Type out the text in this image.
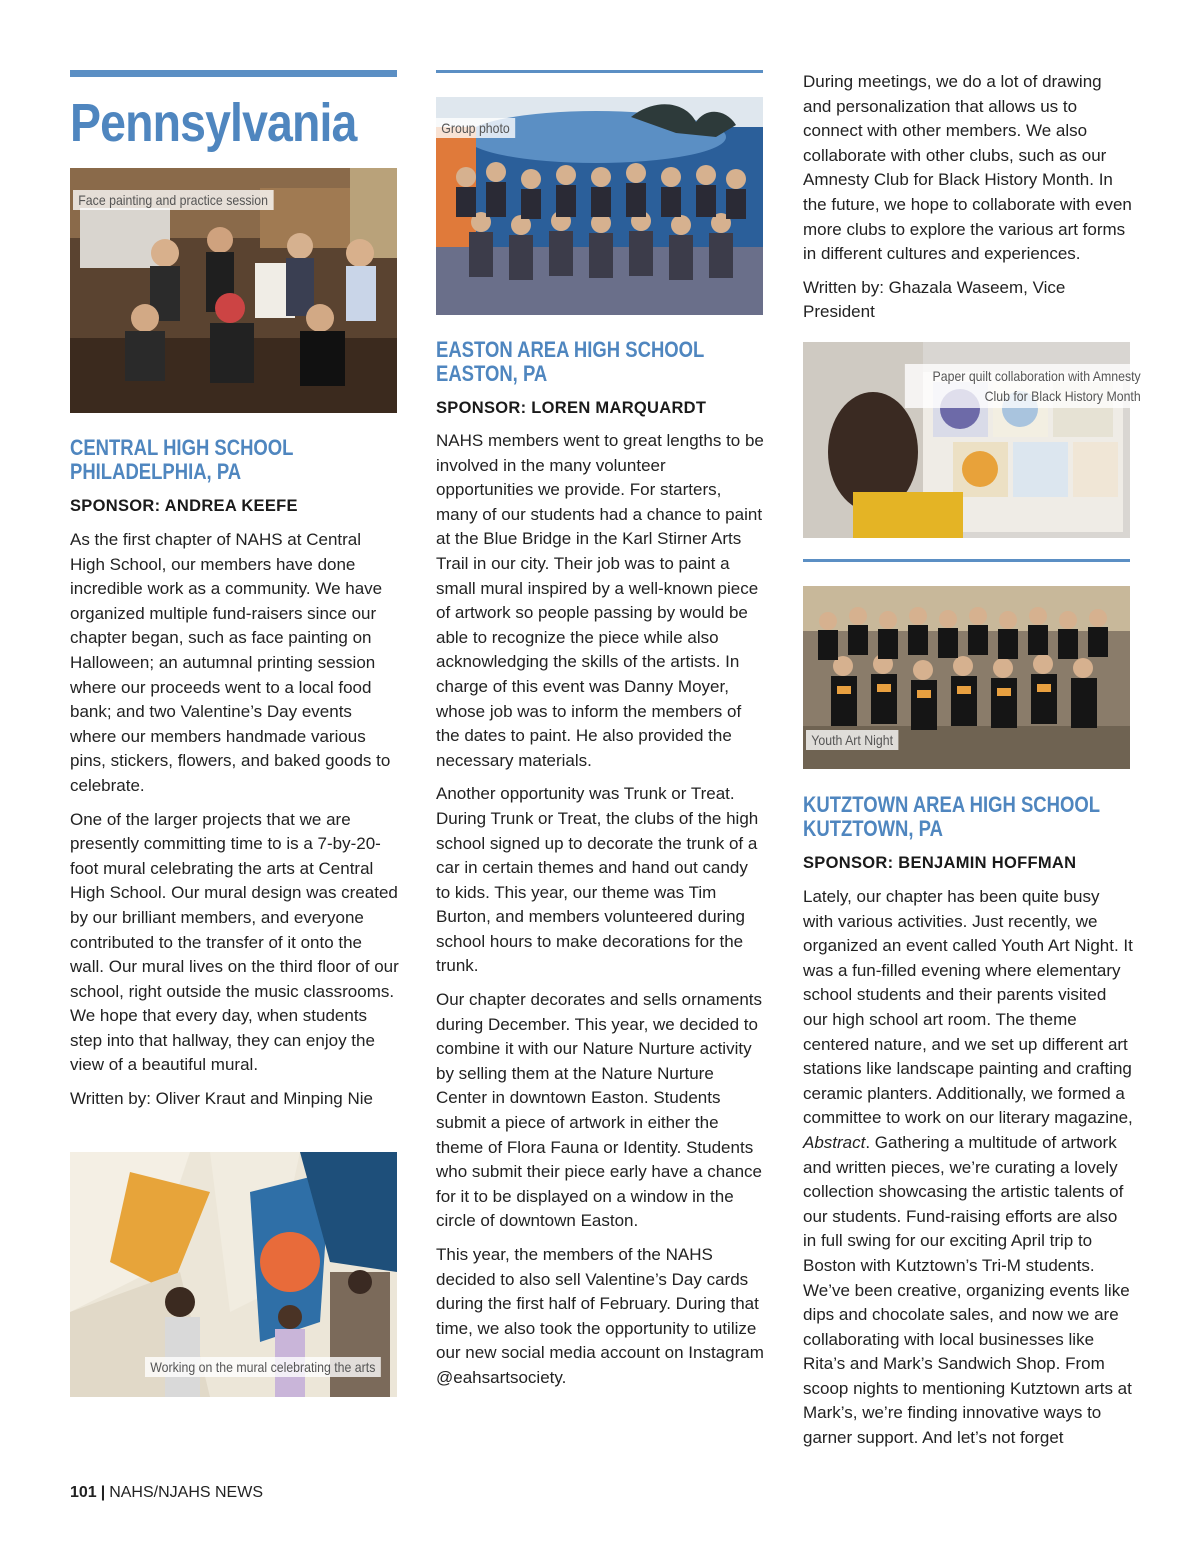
Pennsylvania
Face painting and practice session
CENTRAL HIGH SCHOOL
PHILADELPHIA, PA
SPONSOR: ANDREA KEEFE

As the first chapter of NAHS at Central High School, our members have done incredible work as a community. We have organized multiple fund-raisers since our chapter began, such as face painting on Halloween; an autumnal printing session where our proceeds went to a local food bank; and two Valentine’s Day events where our members handmade various pins, stickers, flowers, and baked goods to celebrate.

One of the larger projects that we are presently committing time to is a 7-by-20-foot mural celebrating the arts at Central High School. Our mural design was created by our brilliant members, and everyone contributed to the transfer of it onto the wall. Our mural lives on the third floor of our school, right outside the music classrooms. We hope that every day, when students step into that hallway, they can enjoy the view of a beautiful mural.

Written by: Oliver Kraut and Minping Nie

Working on the mural celebrating the arts
Group photo
EASTON AREA HIGH SCHOOL
EASTON, PA
SPONSOR: LOREN MARQUARDT

NAHS members went to great lengths to be involved in the many volunteer opportunities we provide. For starters, many of our students had a chance to paint at the Blue Bridge in the Karl Stirner Arts Trail in our city. Their job was to paint a small mural inspired by a well-known piece of artwork so people passing by would be able to recognize the piece while also acknowledging the skills of the artists. In charge of this event was Danny Moyer, whose job was to inform the members of the dates to paint. He also provided the necessary materials.

Another opportunity was Trunk or Treat. During Trunk or Treat, the clubs of the high school signed up to decorate the trunk of a car in certain themes and hand out candy to kids. This year, our theme was Tim Burton, and members volunteered during school hours to make decorations for the trunk.

Our chapter decorates and sells ornaments during December. This year, we decided to combine it with our Nature Nurture activity by selling them at the Nature Nurture Center in downtown Easton. Students submit a piece of artwork in either the theme of Flora Fauna or Identity. Students who submit their piece early have a chance for it to be displayed on a window in the circle of downtown Easton.

This year, the members of the NAHS decided to also sell Valentine’s Day cards during the first half of February. During that time, we also took the opportunity to utilize our new social media account on Instagram @eahsartsociety.

During meetings, we do a lot of drawing and personalization that allows us to connect with other members. We also collaborate with other clubs, such as our Amnesty Club for Black History Month. In the future, we hope to collaborate with even more clubs to explore the various art forms in different cultures and experiences.

Written by: Ghazala Waseem, Vice President

Paper quilt collaboration with Amnesty Club for Black History Month
Youth Art Night
KUTZTOWN AREA HIGH SCHOOL
KUTZTOWN, PA
SPONSOR: BENJAMIN HOFFMAN

Lately, our chapter has been quite busy with various activities. Just recently, we organized an event called Youth Art Night. It was a fun-filled evening where elementary school students and their parents visited our high school art room. The theme centered nature, and we set up different art stations like landscape painting and crafting ceramic planters. Additionally, we formed a committee to work on our literary magazine, Abstract. Gathering a multitude of artwork and written pieces, we’re curating a lovely collection showcasing the artistic talents of our students. Fund-raising efforts are also in full swing for our exciting April trip to Boston with Kutztown’s Tri-M students. We’ve been creative, organizing events like dips and chocolate sales, and now we are collaborating with local businesses like Rita’s and Mark’s Sandwich Shop. From scoop nights to mentioning Kutztown arts at Mark’s, we’re finding innovative ways to garner support. And let’s not forget

101 | NAHS/NJAHS NEWS
